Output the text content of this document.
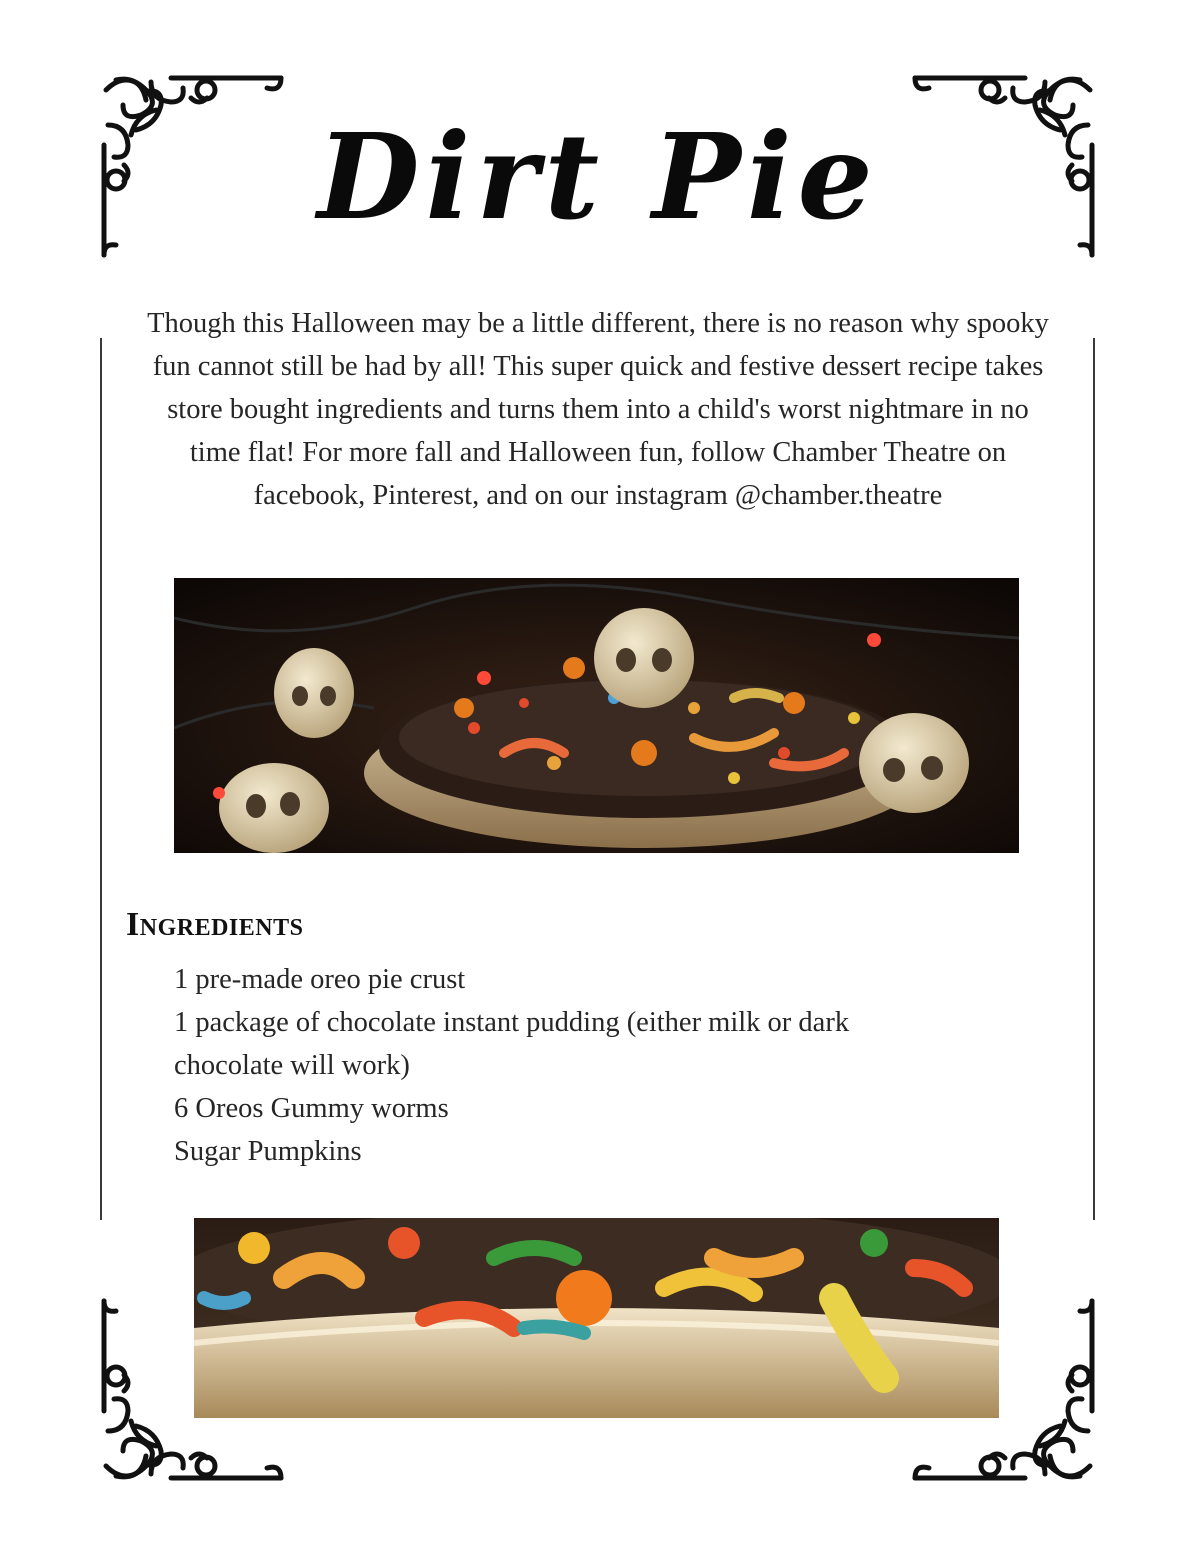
Dirt Pie

Though this Halloween may be a little different, there is no reason why spooky fun cannot still be had by all! This super quick and festive dessert recipe takes store bought ingredients and turns them into a child's worst nightmare in no time flat! For more fall and Halloween fun, follow Chamber Theatre on facebook, Pinterest, and on our instagram @chamber.theatre

Ingredients
1 pre-made oreo pie crust
1 package of chocolate instant pudding (either milk or dark chocolate will work)
6 Oreos Gummy worms
Sugar Pumpkins
